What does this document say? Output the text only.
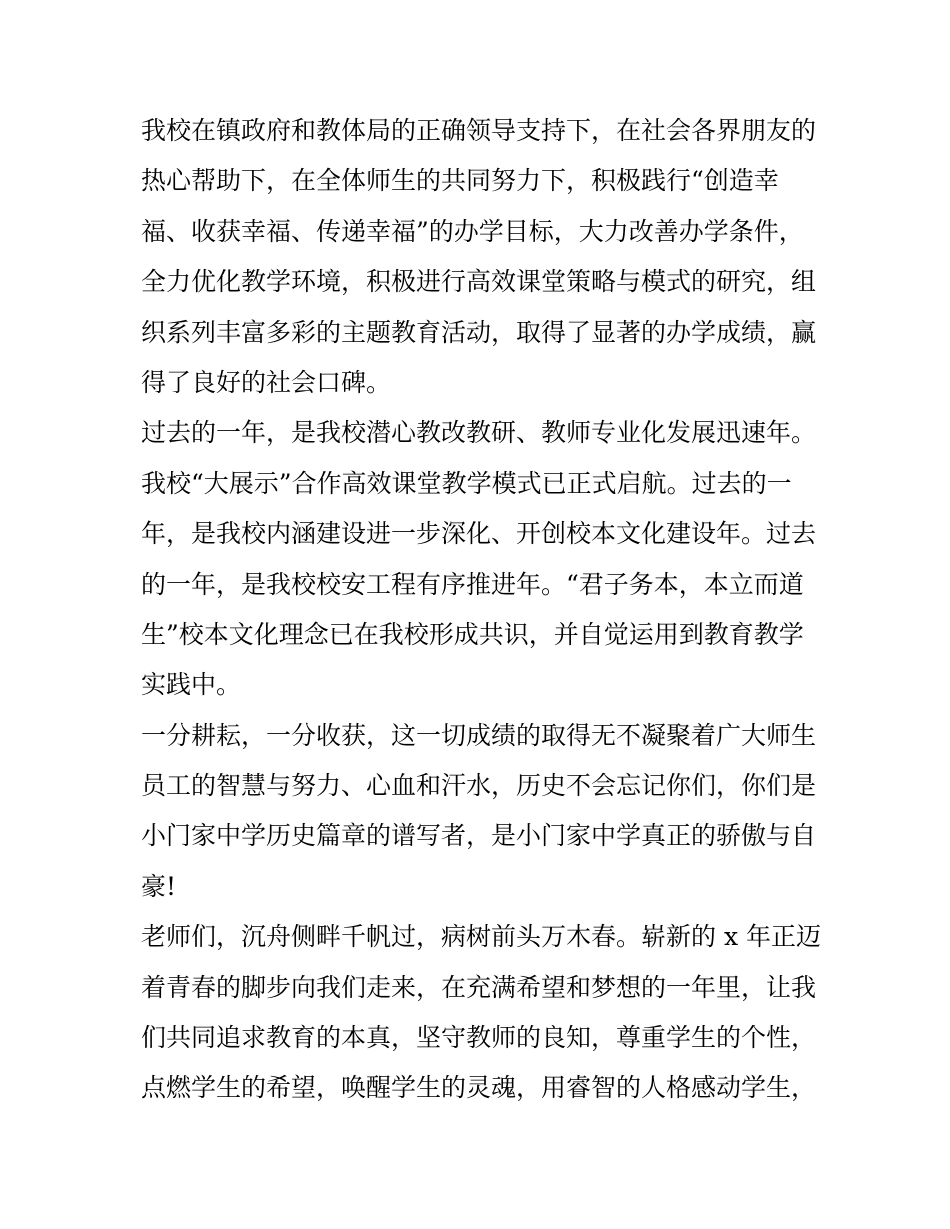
我校在镇政府和教体局的正确领导支持下，在社会各界朋友的
热心帮助下，在全体师生的共同努力下，积极践行“创造幸
福、收获幸福、传递幸福”的办学目标，大力改善办学条件，
全力优化教学环境，积极进行高效课堂策略与模式的研究，组
织系列丰富多彩的主题教育活动，取得了显著的办学成绩，赢
得了良好的社会口碑。
过去的一年，是我校潜心教改教研、教师专业化发展迅速年。
我校“大展示”合作高效课堂教学模式已正式启航。过去的一
年，是我校内涵建设进一步深化、开创校本文化建设年。过去
的一年，是我校校安工程有序推进年。“君子务本，本立而道
生”校本文化理念已在我校形成共识，并自觉运用到教育教学
实践中。
一分耕耘，一分收获，这一切成绩的取得无不凝聚着广大师生
员工的智慧与努力、心血和汗水，历史不会忘记你们，你们是
小门家中学历史篇章的谱写者，是小门家中学真正的骄傲与自
豪!
老师们，沉舟侧畔千帆过，病树前头万木春。崭新的 x 年正迈
着青春的脚步向我们走来，在充满希望和梦想的一年里，让我
们共同追求教育的本真，坚守教师的良知，尊重学生的个性，
点燃学生的希望，唤醒学生的灵魂，用睿智的人格感动学生，
